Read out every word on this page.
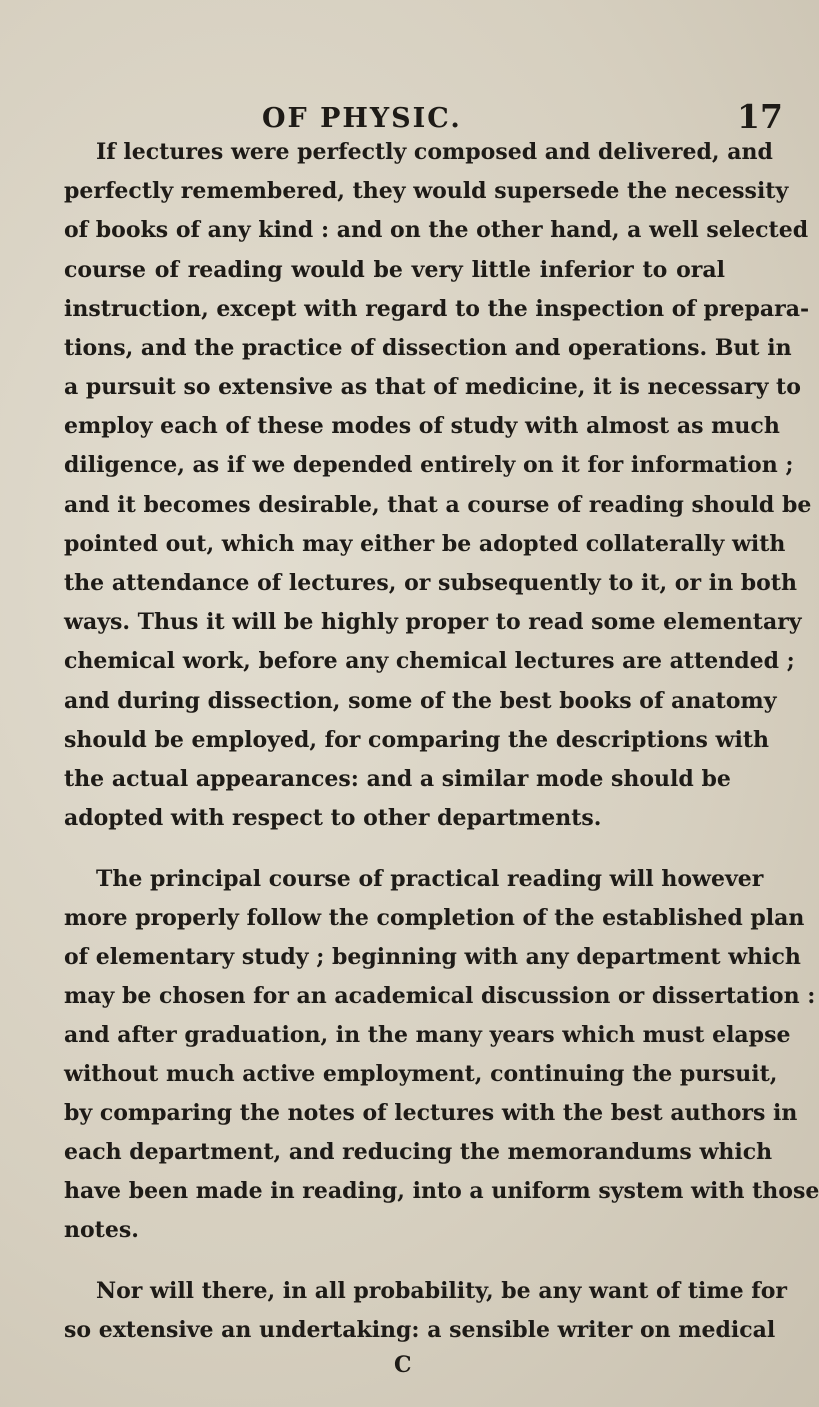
OF PHYSIC.	17
If lectures were perfectly composed and delivered, and
perfectly remembered, they would supersede the necessity
of books of any kind : and on the other hand, a well selected
course of reading would be very little inferior to oral
instruction, except with regard to the inspection of prepara-
tions, and the practice of dissection and operations. But in
a pursuit so extensive as that of medicine, it is necessary to
employ each of these modes of study with almost as much
diligence, as if we depended entirely on it for information ;
and it becomes desirable, that a course of reading should be
pointed out, which may either be adopted collaterally with
the attendance of lectures, or subsequently to it, or in both
ways. Thus it will be highly proper to read some elementary
chemical work, before any chemical lectures are attended ;
and during dissection, some of the best books of anatomy
should be employed, for comparing the descriptions with
the actual appearances: and a similar mode should be
adopted with respect to other departments.
The principal course of practical reading will however
more properly follow the completion of the established plan
of elementary study ; beginning with any department which
may be chosen for an academical discussion or dissertation :
and after graduation, in the many years which must elapse
without much active employment, continuing the pursuit,
by comparing the notes of lectures with the best authors in
each department, and reducing the memorandums which
have been made in reading, into a uniform system with those
notes.
Nor will there, in all probability, be any want of time for
so extensive an undertaking: a sensible writer on medical
C
